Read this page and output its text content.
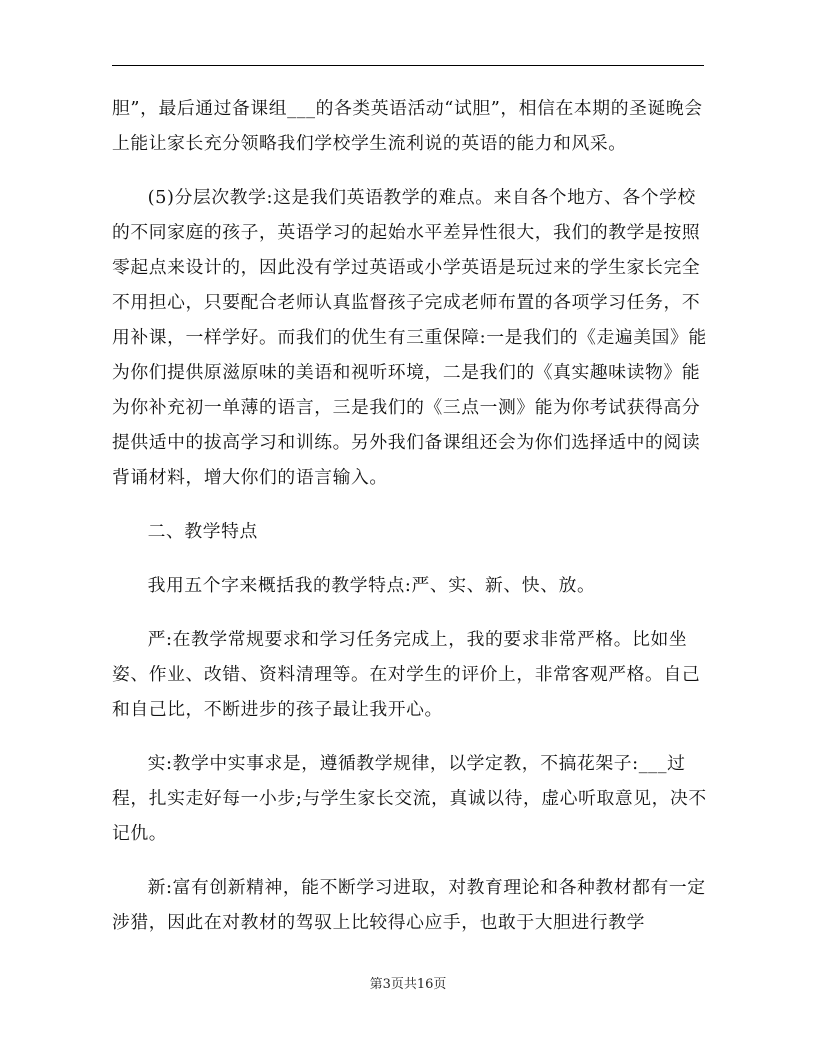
胆”，最后通过备课组___的各类英语活动“试胆”，相信在本期的圣诞晚会上能让家长充分领略我们学校学生流利说的英语的能力和风采。

(5)分层次教学:这是我们英语教学的难点。来自各个地方、各个学校的不同家庭的孩子，英语学习的起始水平差异性很大，我们的教学是按照零起点来设计的，因此没有学过英语或小学英语是玩过来的学生家长完全不用担心，只要配合老师认真监督孩子完成老师布置的各项学习任务，不用补课，一样学好。而我们的优生有三重保障:一是我们的《走遍美国》能为你们提供原滋原味的美语和视听环境，二是我们的《真实趣味读物》能为你补充初一单薄的语言，三是我们的《三点一测》能为你考试获得高分提供适中的拔高学习和训练。另外我们备课组还会为你们选择适中的阅读背诵材料，增大你们的语言输入。

二、教学特点

我用五个字来概括我的教学特点:严、实、新、快、放。

严:在教学常规要求和学习任务完成上，我的要求非常严格。比如坐姿、作业、改错、资料清理等。在对学生的评价上，非常客观严格。自己和自己比，不断进步的孩子最让我开心。

实:教学中实事求是，遵循教学规律，以学定教，不搞花架子:___过程，扎实走好每一小步;与学生家长交流，真诚以待，虚心听取意见，决不记仇。

新:富有创新精神，能不断学习进取，对教育理论和各种教材都有一定涉猎，因此在对教材的驾驭上比较得心应手，也敢于大胆进行教学

第3页共16页
